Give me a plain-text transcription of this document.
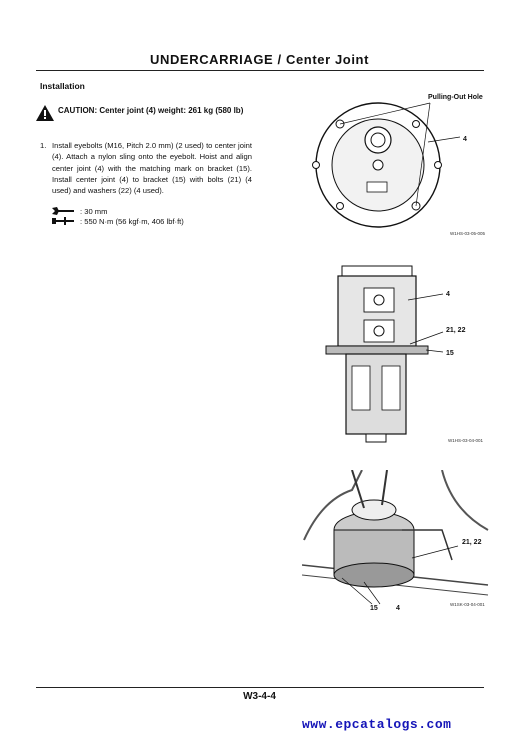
UNDERCARRIAGE / Center Joint
Installation
CAUTION: Center joint (4) weight: 261 kg (580 lb)
1. Install eyebolts (M16, Pitch 2.0 mm) (2 used) to center joint (4). Attach a nylon sling onto the eyebolt. Hoist and align center joint (4) with the matching mark on bracket (15). Install center joint (4) to bracket (15) with bolts (21) (4 used) and washers (22) (4 used).
: 30 mm
: 550 N·m (56 kgf·m, 406 lbf·ft)
Pulling-Out Hole
4
W1HS-03-05-005
4
21, 22
15
W1HS-03-04-001
21, 22
15	4
W1SK-03-04-001
W3-4-4
www.epcatalogs.com
